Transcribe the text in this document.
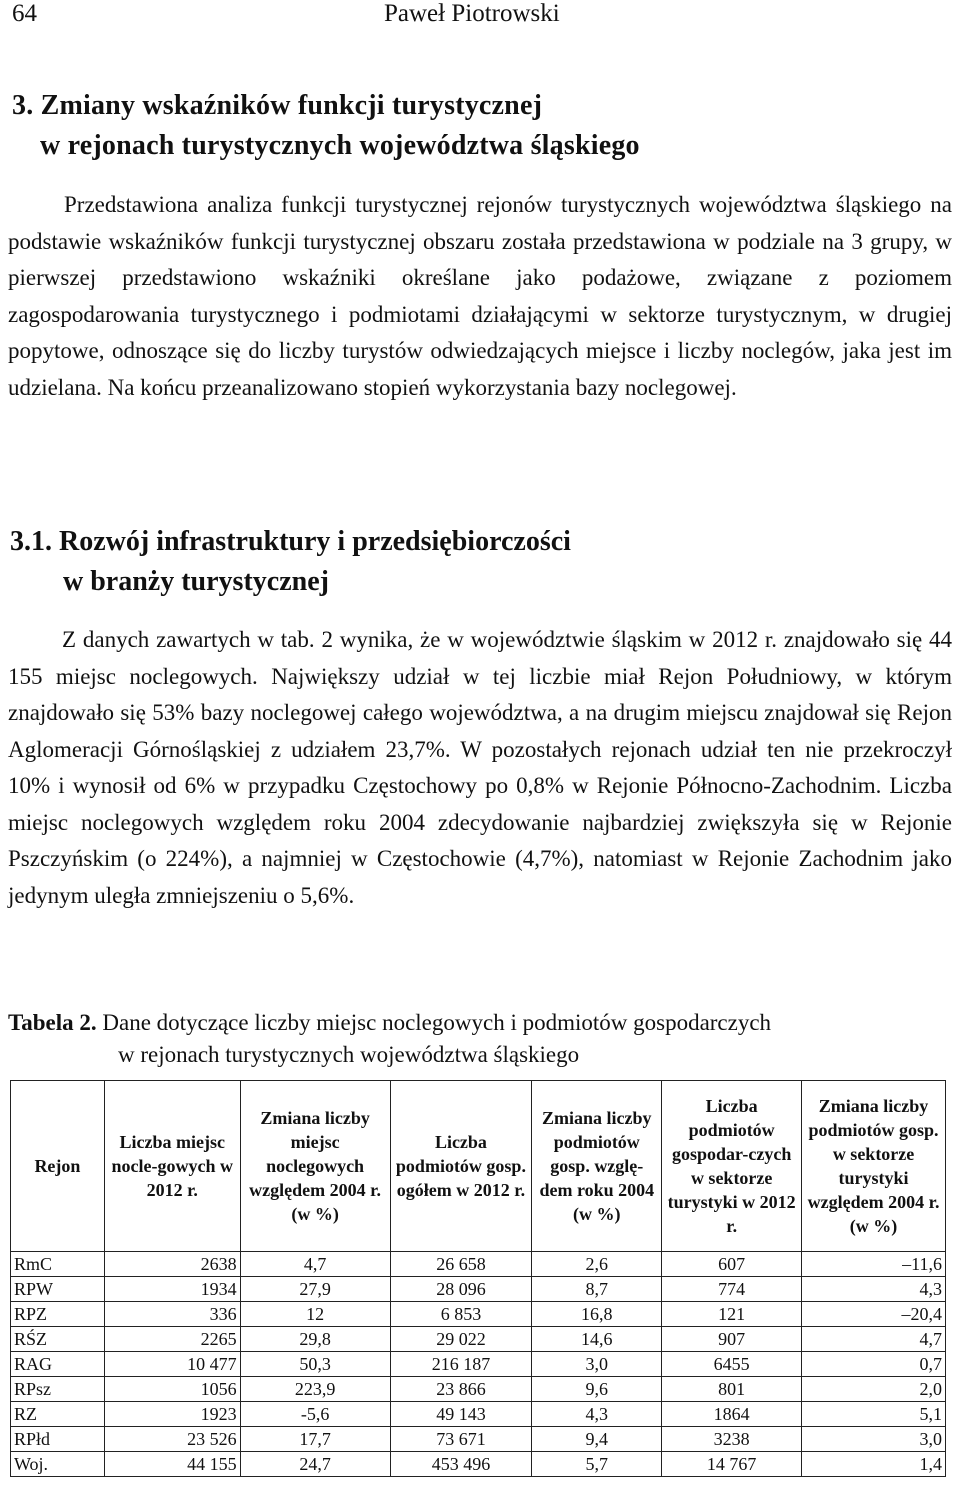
64	Paweł Piotrowski
3. Zmiany wskaźników funkcji turystycznej
w rejonach turystycznych województwa śląskiego
Przedstawiona analiza funkcji turystycznej rejonów turystycznych województwa śląskiego na podstawie wskaźników funkcji turystycznej obszaru została przedstawiona w podziale na 3 grupy, w pierwszej przedstawiono wskaźniki określane jako podażowe, związane z poziomem zagospodarowania turystycznego i podmiotami działającymi w sektorze turystycznym, w drugiej popytowe, odnoszące się do liczby turystów odwiedzających miejsce i liczby noclegów, jaka jest im udzielana. Na końcu przeanalizowano stopień wykorzystania bazy noclegowej.
3.1. Rozwój infrastruktury i przedsiębiorczości
w branży turystycznej
Z danych zawartych w tab. 2 wynika, że w województwie śląskim w 2012 r. znajdowało się 44 155 miejsc noclegowych. Największy udział w tej liczbie miał Rejon Południowy, w którym znajdowało się 53% bazy noclegowej całego województwa, a na drugim miejscu znajdował się Rejon Aglomeracji Górnośląskiej z udziałem 23,7%. W pozostałych rejonach udział ten nie przekroczył 10% i wynosił od 6% w przypadku Częstochowy po 0,8% w Rejonie Północno-Zachodnim. Liczba miejsc noclegowych względem roku 2004 zdecydowanie najbardziej zwiększyła się w Rejonie Pszczyńskim (o 224%), a najmniej w Częstochowie (4,7%), natomiast w Rejonie Zachodnim jako jedynym uległa zmniejszeniu o 5,6%.
Tabela 2. Dane dotyczące liczby miejsc noclegowych i podmiotów gospodarczych
w rejonach turystycznych województwa śląskiego
Rejon	Liczba miejsc nocle-gowych w 2012 r.	Zmiana liczby miejsc noclegowych względem 2004 r. (w %)	Liczba podmiotów gosp. ogółem w 2012 r.	Zmiana liczby podmiotów gosp. wzglę-dem roku 2004 (w %)	Liczba podmiotów gospodar-czych w sektorze turystyki w 2012 r.	Zmiana liczby podmiotów gosp. w sektorze turystyki względem 2004 r. (w %)
RmC	2638	4,7	26 658	2,6	607	–11,6
RPW	1934	27,9	28 096	8,7	774	4,3
RPZ	336	12	6 853	16,8	121	–20,4
RŚZ	2265	29,8	29 022	14,6	907	4,7
RAG	10 477	50,3	216 187	3,0	6455	0,7
RPsz	1056	223,9	23 866	9,6	801	2,0
RZ	1923	-5,6	49 143	4,3	1864	5,1
RPłd	23 526	17,7	73 671	9,4	3238	3,0
Woj.	44 155	24,7	453 496	5,7	14 767	1,4
